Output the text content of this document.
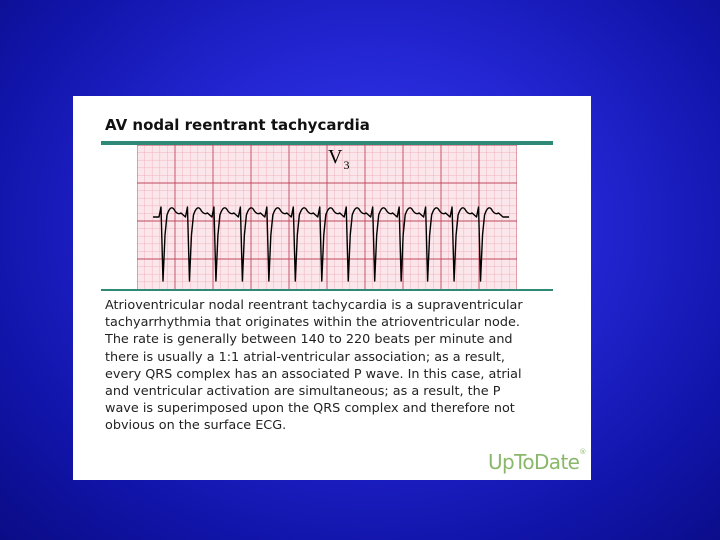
AV nodal reentrant tachycardia
$V_3$

Atrioventricular nodal reentrant tachycardia is a supraventricular tachyarrhythmia that originates within the atrioventricular node. The rate is generally between 140 to 220 beats per minute and there is usually a 1:1 atrial-ventricular association; as a result, every QRS complex has an associated P wave. In this case, atrial and ventricular activation are simultaneous; as a result, the P wave is superimposed upon the QRS complex and therefore not obvious on the surface ECG.

UpToDate®
